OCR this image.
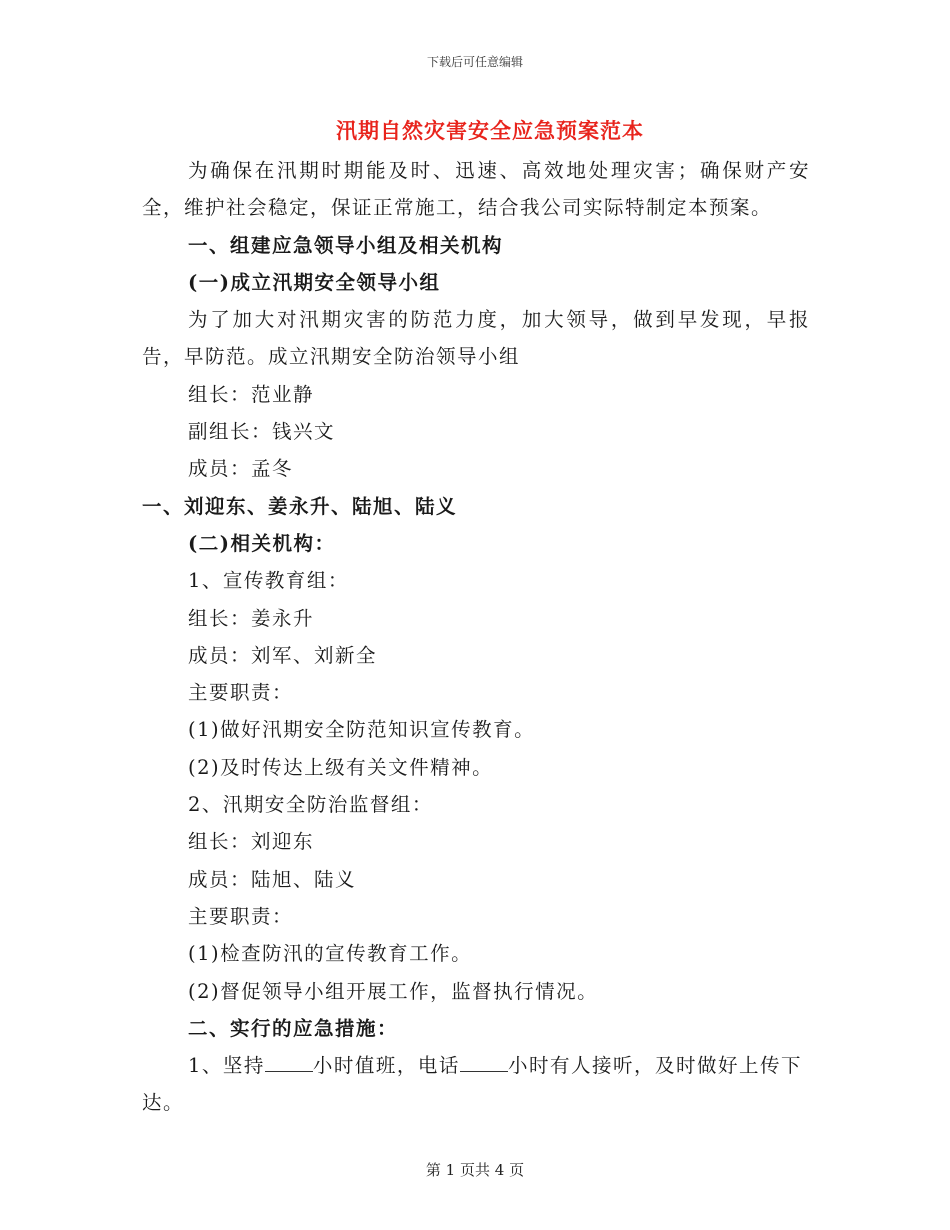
下载后可任意编辑
汛期自然灾害安全应急预案范本
为确保在汛期时期能及时、迅速、高效地处理灾害；确保财产安
全，维护社会稳定，保证正常施工，结合我公司实际特制定本预案。
一、组建应急领导小组及相关机构
(一)成立汛期安全领导小组
为了加大对汛期灾害的防范力度，加大领导，做到早发现，早报
告，早防范。成立汛期安全防治领导小组
组长：范业静
副组长：钱兴文
成员：孟冬
一、刘迎东、姜永升、陆旭、陆义
(二)相关机构：
1、宣传教育组：
组长：姜永升
成员：刘军、刘新全
主要职责：
(1)做好汛期安全防范知识宣传教育。
(2)及时传达上级有关文件精神。
2、汛期安全防治监督组：
组长：刘迎东
成员：陆旭、陆义
主要职责：
(1)检查防汛的宣传教育工作。
(2)督促领导小组开展工作，监督执行情况。
二、实行的应急措施：
1、坚持 小时值班，电话 小时有人接听，及时做好上传下
达。
第 1 页共 4 页
